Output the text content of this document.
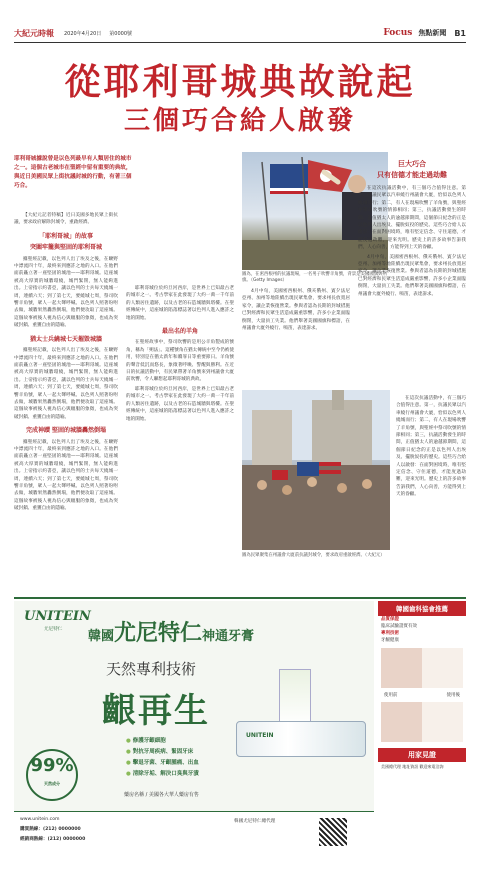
大紀元時報 2020年4月20日 第0000號	Focus 焦點新聞 B1
從耶利哥城典故說起
三個巧合給人啟發

耶利哥城據說曾是以色列最早有人類居住的城市之一。這個古老城市在聖經中留有重要的典故，與近日美國民眾上街抗議封城的行動，有著三個巧合。

【大紀元記者特稿】近日美國多地民眾上街抗議，要求政府解除封城令，重啟經濟。

「耶利哥城」的故事
突圍牢籠與堅固的耶利哥城

據聖經記載，以色列人出了埃及之後，在曠野中漂流四十年，最終來到應許之地的入口。在他們面前矗立著一座堅固的城池——耶利哥城。這座城被高大厚實的城牆環繞，城門緊閉，無人能夠進出。上帝指示約書亞，讓以色列的士兵每天繞城一周，連續六天；到了第七天，要繞城七周，祭司吹響羊角號，眾人一起大聲呼喊。以色列人照著吩咐去做，城牆果然轟然倒塌，他們便攻取了這座城。這個故事被後人視為信心與順服的象徵，也成為突破封鎖、重獲自由的隱喻。

猶太士兵繞城七天摧毀城牆

據聖經記載，以色列人出了埃及之後，在曠野中漂流四十年，最終來到應許之地的入口。在他們面前矗立著一座堅固的城池——耶利哥城。這座城被高大厚實的城牆環繞，城門緊閉，無人能夠進出。上帝指示約書亞，讓以色列的士兵每天繞城一周，連續六天；到了第七天，要繞城七周，祭司吹響羊角號，眾人一起大聲呼喊。以色列人照著吩咐去做，城牆果然轟然倒塌，他們便攻取了這座城。這個故事被後人視為信心與順服的象徵，也成為突破封鎖、重獲自由的隱喻。

完成神蹟 堅固的城牆轟然倒塌

據聖經記載，以色列人出了埃及之後，在曠野中漂流四十年，最終來到應許之地的入口。在他們面前矗立著一座堅固的城池——耶利哥城。這座城被高大厚實的城牆環繞，城門緊閉，無人能夠進出。上帝指示約書亞，讓以色列的士兵每天繞城一周，連續六天；到了第七天，要繞城七周，祭司吹響羊角號，眾人一起大聲呼喊。以色列人照著吩咐去做，城牆果然轟然倒塌，他們便攻取了這座城。這個故事被後人視為信心與順服的象徵，也成為突破封鎖、重獲自由的隱喻。

耶利哥城位於約旦河西岸，是世界上已知最古老的城市之一。考古學家在此發現了大約一萬一千年前的人類居住遺跡，以及古老的石造城牆與塔樓。在聖經傳統中，這座城的陷落標誌著以色列人進入應許之地的開始。

最出名的羊角

在聖經故事中，祭司吹響的是用公羊角製成的號角，稱為「朔法」。這種號角在猶太傳統中至今仍被使用，特別是在猶太新年和贖罪日等重要節日。羊角號的聲音低沉而悠長，象徵著呼喚、警醒與勝利。在近日的抗議活動中，有民眾帶著羊角號來到州議會大廈前吹響，令人聯想起耶利哥城的典故。

耶利哥城位於約旦河西岸，是世界上已知最古老的城市之一。考古學家在此發現了大約一萬一千年前的人類居住遺跡，以及古老的石造城牆與塔樓。在聖經傳統中，這座城的陷落標誌著以色列人進入應許之地的開始。

圖為，在密西根州的抗議現場，一名男子吹響羊角號，背景是美國國旗與州旗。（Getty Images）

4月中旬，美國密西根州、俄亥俄州、賓夕法尼亞州、加州等地陸續出現民眾集會，要求州長放寬居家令，讓企業恢復營業。參與者認為長期的封城措施已對經濟和民眾生活造成嚴重影響，許多小企業面臨倒閉，大量員工失業。他們舉著美國國旗和標語，在州議會大廈外繞行、鳴笛，表達訴求。

巨大巧合
只有信德才能走過劫難

在這次抗議活動中，有三個巧合值得注意。第一，抗議民眾以汽車繞行州議會大廈，恰似以色列人繞城而行；第二，有人在現場吹響了羊角號，與聖經中祭司吹號的情節相同；第三，抗議活動發生的時間，正值猶太人的逾越節期間，這個節日紀念的正是以色列人出埃及、擺脫奴役的歷史。這些巧合給人以啟發：在面對困境時，唯有堅定信念、守住道德，才能度過劫難，迎來光明。歷史上的許多故事告訴我們，人心向善，方能得到上天的眷顧。

4月中旬，美國密西根州、俄亥俄州、賓夕法尼亞州、加州等地陸續出現民眾集會，要求州長放寬居家令，讓企業恢復營業。參與者認為長期的封城措施已對經濟和民眾生活造成嚴重影響，許多小企業面臨倒閉，大量員工失業。他們舉著美國國旗和標語，在州議會大廈外繞行、鳴笛，表達訴求。

在這次抗議活動中，有三個巧合值得注意。第一，抗議民眾以汽車繞行州議會大廈，恰似以色列人繞城而行；第二，有人在現場吹響了羊角號，與聖經中祭司吹號的情節相同；第三，抗議活動發生的時間，正值猶太人的逾越節期間，這個節日紀念的正是以色列人出埃及、擺脫奴役的歷史。這些巧合給人以啟發：在面對困境時，唯有堅定信念、守住道德，才能度過劫難，迎來光明。歷史上的許多故事告訴我們，人心向善，方能得到上天的眷顧。

圖為民眾聚集在州議會大廈前抗議封城令，要求政府重啟經濟。（大紀元）
UNITEIN
尤尼特仁 韓國尤尼特仁神通牙膏
天然專利技術
齦再生
UNITEIN
● 修護牙齦細胞
● 對抗牙周疾病、緊固牙床
● 擊退牙菌、牙齦腫痛、出血
● 清除牙垢、解決口臭與牙漬
99%
天然成分
藥房名稱 / 美國各大華人藥房有售
www.unitein.com
購買熱線：(212) 0000000
經銷商熱線：(212) 0000000
韓國尤尼特仁總代理
韓國齒科協會推薦
品質保證
臨床試驗證實有效
專利技術
牙齦健康
使用前	使用後
用家見證
美國總代理 地址資訊 歡迎來電洽詢
